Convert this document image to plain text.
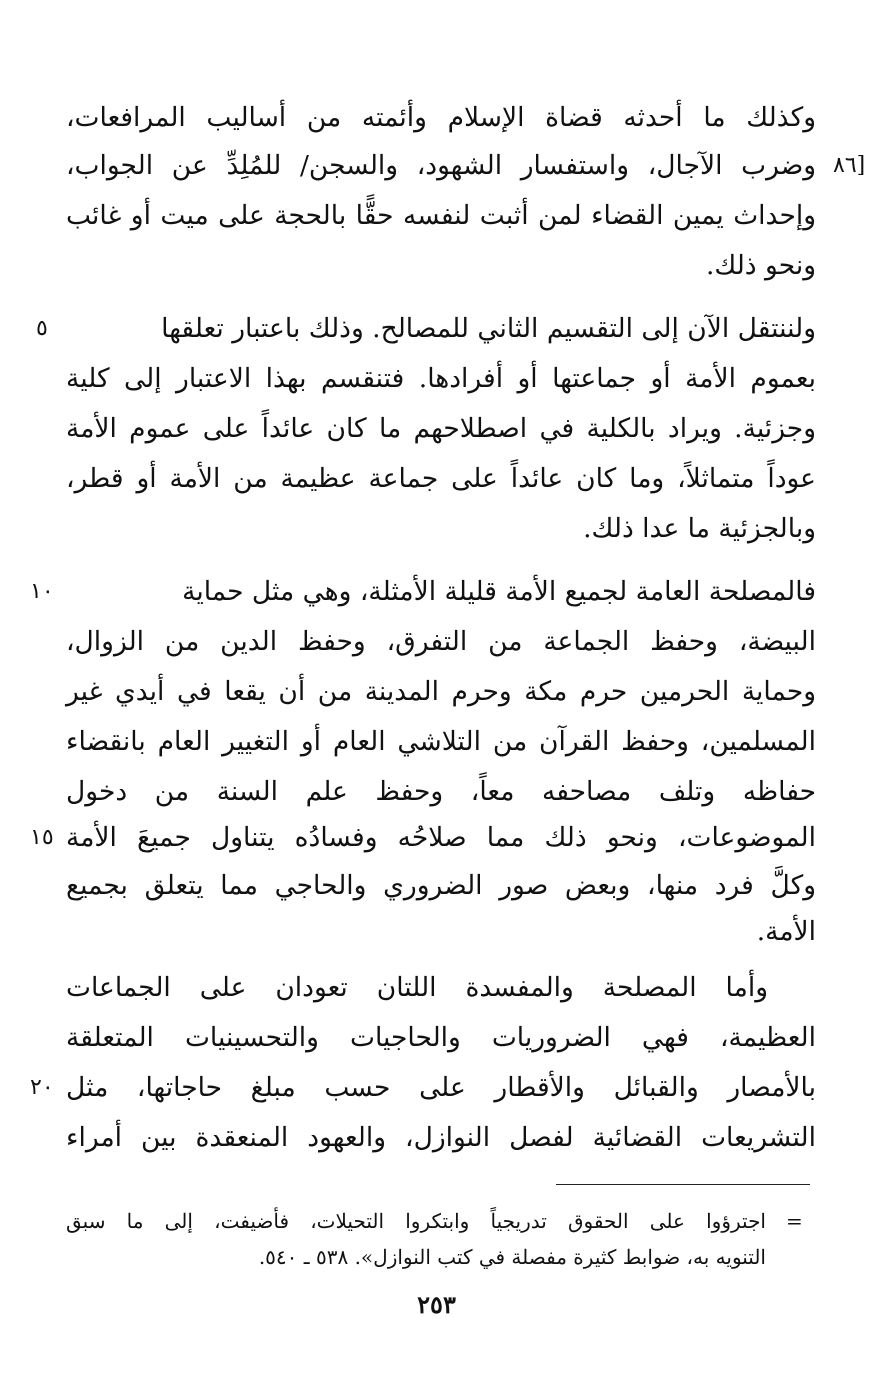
وكذلك ما أحدثه قضاة الإسلام وأئمته من أساليب المرافعات،
وضرب الآجال، واستفسار الشهود، والسجن/ للمُلِدِّ عن الجواب،
وإحداث يمين القضاء لمن أثبت لنفسه حقًّا بالحجة على ميت أو غائب
ونحو ذلك.
ولننتقل الآن إلى التقسيم الثاني للمصالح. وذلك باعتبار تعلقها
بعموم الأمة أو جماعتها أو أفرادها. فتنقسم بهذا الاعتبار إلى كلية
وجزئية. ويراد بالكلية في اصطلاحهم ما كان عائداً على عموم الأمة
عوداً متماثلاً، وما كان عائداً على جماعة عظيمة من الأمة أو قطر،
وبالجزئية ما عدا ذلك.
فالمصلحة العامة لجميع الأمة قليلة الأمثلة، وهي مثل حماية
البيضة، وحفظ الجماعة من التفرق، وحفظ الدين من الزوال،
وحماية الحرمين حرم مكة وحرم المدينة من أن يقعا في أيدي غير
المسلمين، وحفظ القرآن من التلاشي العام أو التغيير العام بانقضاء
حفاظه وتلف مصاحفه معاً، وحفظ علم السنة من دخول
الموضوعات، ونحو ذلك مما صلاحُه وفسادُه يتناول جميعَ الأمة
وكلَّ فرد منها، وبعض صور الضروري والحاجي مما يتعلق بجميع
الأمة.
وأما المصلحة والمفسدة اللتان تعودان على الجماعات
العظيمة، فهي الضروريات والحاجيات والتحسينيات المتعلقة
بالأمصار والقبائل والأقطار على حسب مبلغ حاجاتها، مثل
التشريعات القضائية لفصل النوازل، والعهود المنعقدة بين أمراء
[٨٦
٥
١٠
١٥
٢٠
=
اجترؤوا على الحقوق تدريجياً وابتكروا التحيلات، فأضيفت، إلى ما سبق
التنويه به، ضوابط كثيرة مفصلة في كتب النوازل». ٥٣٨ ـ ٥٤٠.
٢٥٣
